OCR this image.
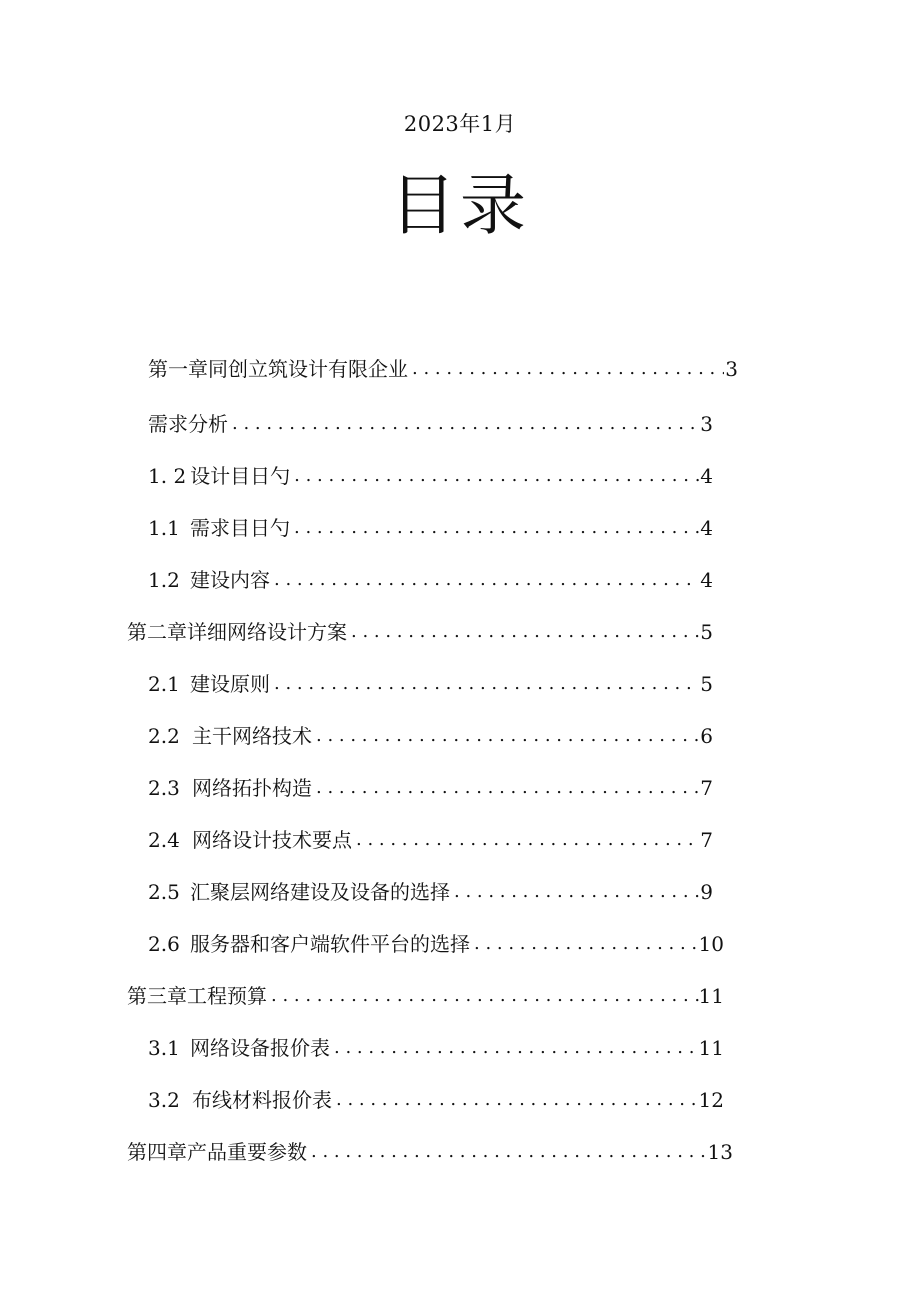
2023年1月
目录
第一章同创立筑设计有限企业 . . .	3
需求分析 . . .	3
1. 2 设计目日勺 . . .	4
1.1 需求目日勺 . . .	4
1.2 建设内容 . . .	4
第二章详细网络设计方案 . . .	5
2.1 建设原则 . . .	5
2.2 主干网络技术 . . .	6
2.3 网络拓扑构造 . . .	7
2.4 网络设计技术要点 . . .	7
2.5 汇聚层网络建设及设备的选择 . . .	9
2.6 服务器和客户端软件平台的选择 . . .	10
第三章工程预算 . . .	11
3.1 网络设备报价表 . . .	11
3.2 布线材料报价表 . . .	12
第四章产品重要参数 . . .	13
